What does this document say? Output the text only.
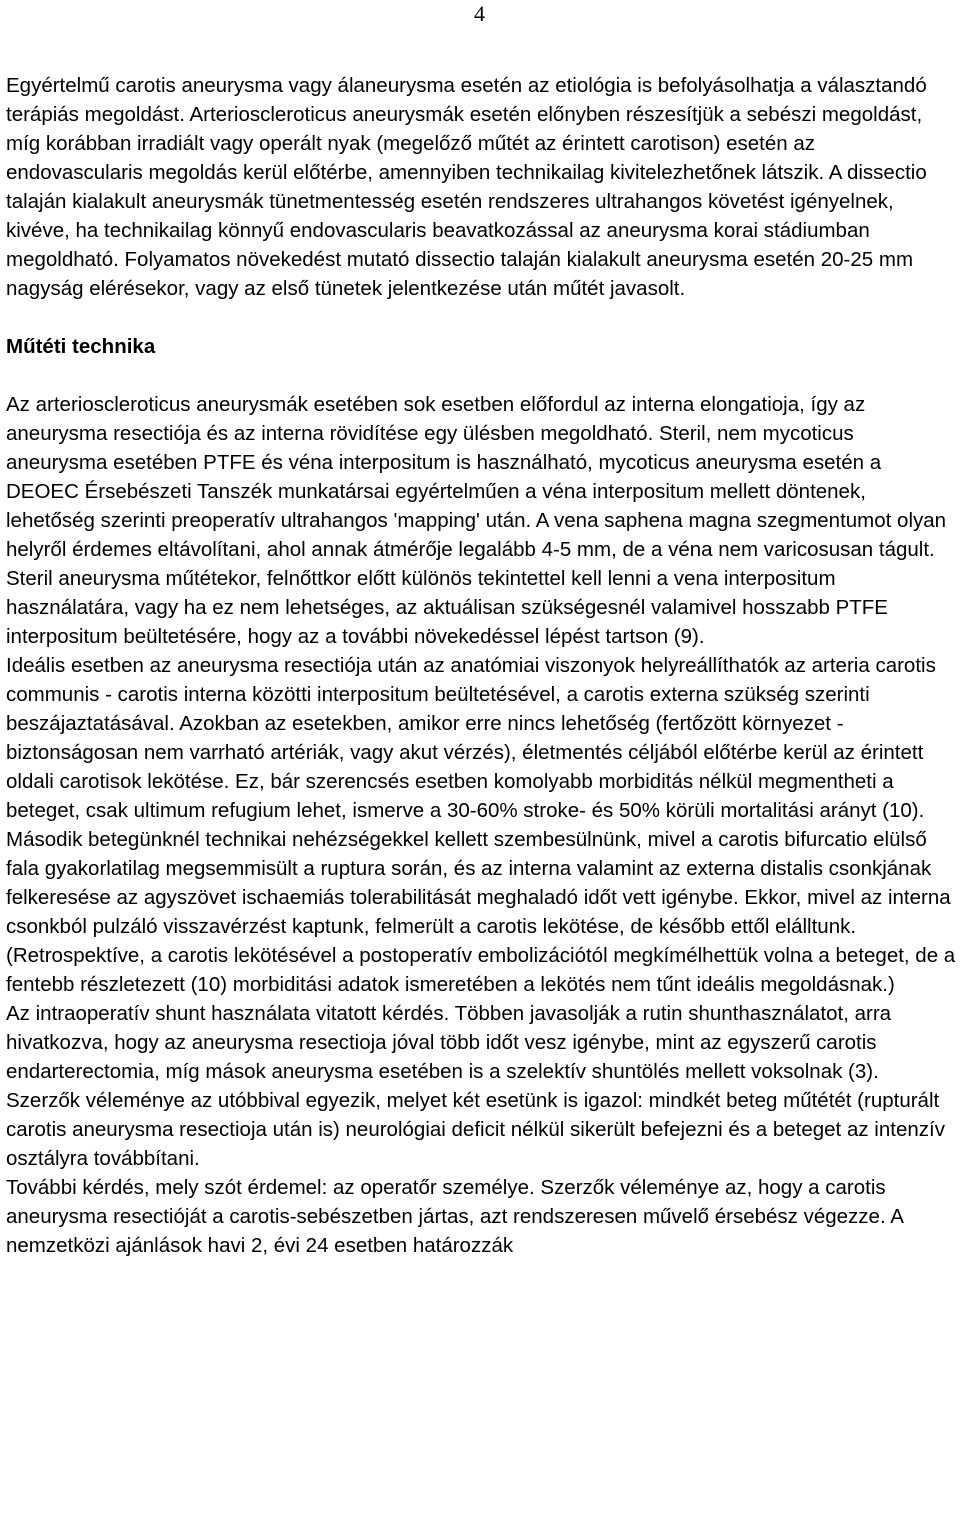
4

Egyértelmű carotis aneurysma vagy álaneurysma esetén az etiológia is befolyásolhatja a választandó terápiás megoldást. Arterioscleroticus aneurysmák esetén előnyben részesítjük a sebészi megoldást, míg korábban irradiált vagy operált nyak (megelőző műtét az érintett carotison) esetén az endovascularis megoldás kerül előtérbe, amennyiben technikailag kivitelezhetőnek látszik. A dissectio talaján kialakult aneurysmák tünetmentesség esetén rendszeres ultrahangos követést igényelnek, kivéve, ha technikailag könnyű endovascularis beavatkozással az aneurysma korai stádiumban megoldható. Folyamatos növekedést mutató dissectio talaján kialakult aneurysma esetén 20-25 mm nagyság elérésekor, vagy az első tünetek jelentkezése után műtét javasolt.

Műtéti technika

Az arterioscleroticus aneurysmák esetében sok esetben előfordul az interna elongatioja, így az aneurysma resectiója és az interna rövidítése egy ülésben megoldható. Steril, nem mycoticus aneurysma esetében PTFE és véna interpositum is használható, mycoticus aneurysma esetén a DEOEC Érsebészeti Tanszék munkatársai egyértelműen a véna interpositum mellett döntenek, lehetőség szerinti preoperatív ultrahangos 'mapping' után. A vena saphena magna szegmentumot olyan helyről érdemes eltávolítani, ahol annak átmérője legalább 4-5 mm, de a véna nem varicosusan tágult.

Steril aneurysma műtétekor, felnőttkor előtt különös tekintettel kell lenni a vena interpositum használatára, vagy ha ez nem lehetséges, az aktuálisan szükségesnél valamivel hosszabb PTFE interpositum beültetésére, hogy az a további növekedéssel lépést tartson (9).

Ideális esetben az aneurysma resectiója után az anatómiai viszonyok helyreállíthatók az arteria carotis communis - carotis interna közötti interpositum beültetésével, a carotis externa szükség szerinti beszájaztatásával. Azokban az esetekben, amikor erre nincs lehetőség (fertőzött környezet - biztonságosan nem varrható artériák, vagy akut vérzés), életmentés céljából előtérbe kerül az érintett oldali carotisok lekötése. Ez, bár szerencsés esetben komolyabb morbiditás nélkül megmentheti a beteget, csak ultimum refugium lehet, ismerve a 30-60% stroke- és 50% körüli mortalitási arányt (10). Második betegünknél technikai nehézségekkel kellett szembesülnünk, mivel a carotis bifurcatio elülső fala gyakorlatilag megsemmisült a ruptura során, és az interna valamint az externa distalis csonkjának felkeresése az agyszövet ischaemiás tolerabilitását meghaladó időt vett igénybe. Ekkor, mivel az interna csonkból pulzáló visszavérzést kaptunk, felmerült a carotis lekötése, de később ettől elálltunk. (Retrospektíve, a carotis lekötésével a postoperatív embolizációtól megkímélhettük volna a beteget, de a fentebb részletezett (10) morbiditási adatok ismeretében a lekötés nem tűnt ideális megoldásnak.)

Az intraoperatív shunt használata vitatott kérdés. Többen javasolják a rutin shunthasználatot, arra hivatkozva, hogy az aneurysma resectioja jóval több időt vesz igénybe, mint az egyszerű carotis endarterectomia, míg mások aneurysma esetében is a szelektív shuntölés mellett voksolnak (3). Szerzők véleménye az utóbbival egyezik, melyet két esetünk is igazol: mindkét beteg műtétét (rupturált carotis aneurysma resectioja után is) neurológiai deficit nélkül sikerült befejezni és a beteget az intenzív osztályra továbbítani.

További kérdés, mely szót érdemel: az operatőr személye. Szerzők véleménye az, hogy a carotis aneurysma resectióját a carotis-sebészetben jártas, azt rendszeresen művelő érsebész végezze. A nemzetközi ajánlások havi 2, évi 24 esetben határozzák
